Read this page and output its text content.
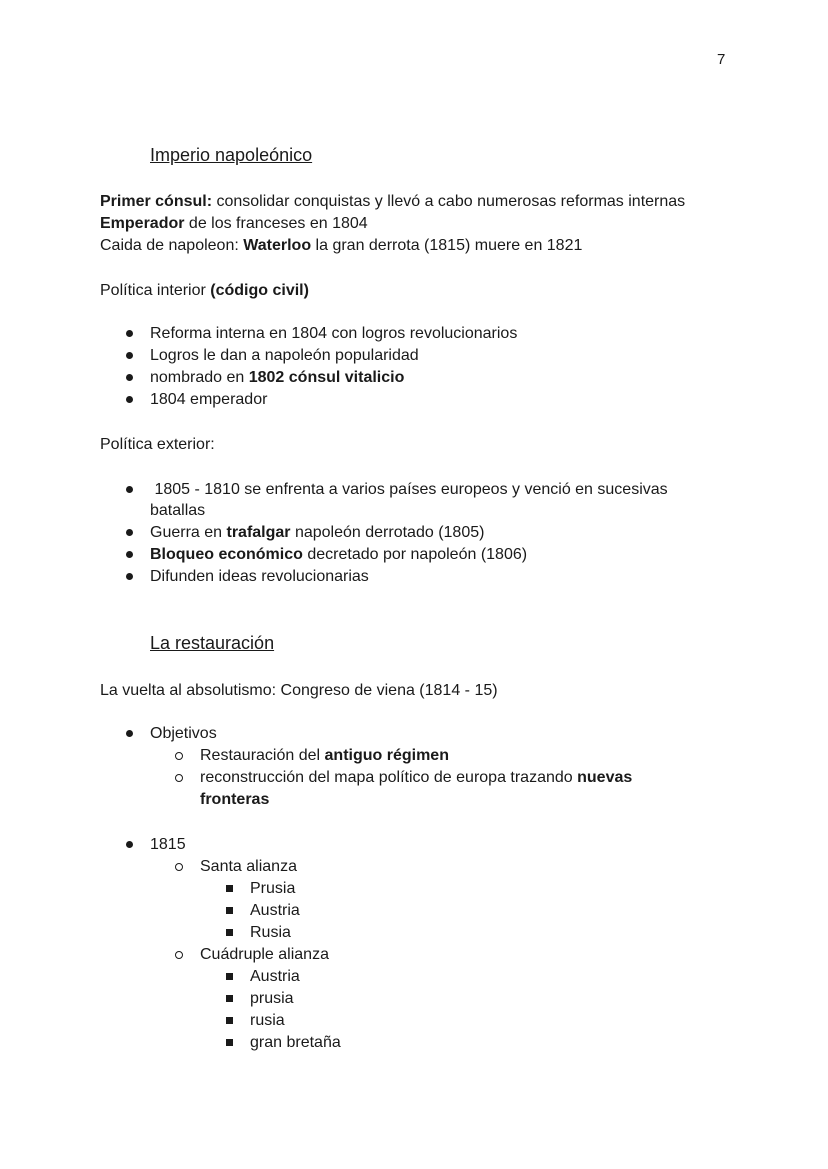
7
Imperio napoleónico
Primer cónsul: consolidar conquistas y llevó a cabo numerosas reformas internas
Emperador de los franceses en 1804
Caida de napoleon: Waterloo la gran derrota (1815) muere en 1821
Política interior (código civil)
Reforma interna en 1804 con logros revolucionarios
Logros le dan a napoleón popularidad
nombrado en 1802 cónsul vitalicio
1804 emperador
Política exterior:
1805 - 1810 se enfrenta a varios países europeos y venció en sucesivas
batallas
Guerra en trafalgar napoleón derrotado (1805)
Bloqueo económico decretado por napoleón (1806)
Difunden ideas revolucionarias
La restauración
La vuelta al absolutismo: Congreso de viena (1814 - 15)
Objetivos
Restauración del antiguo régimen
reconstrucción del mapa político de europa trazando nuevas
fronteras
1815
Santa alianza
Prusia
Austria
Rusia
Cuádruple alianza
Austria
prusia
rusia
gran bretaña
